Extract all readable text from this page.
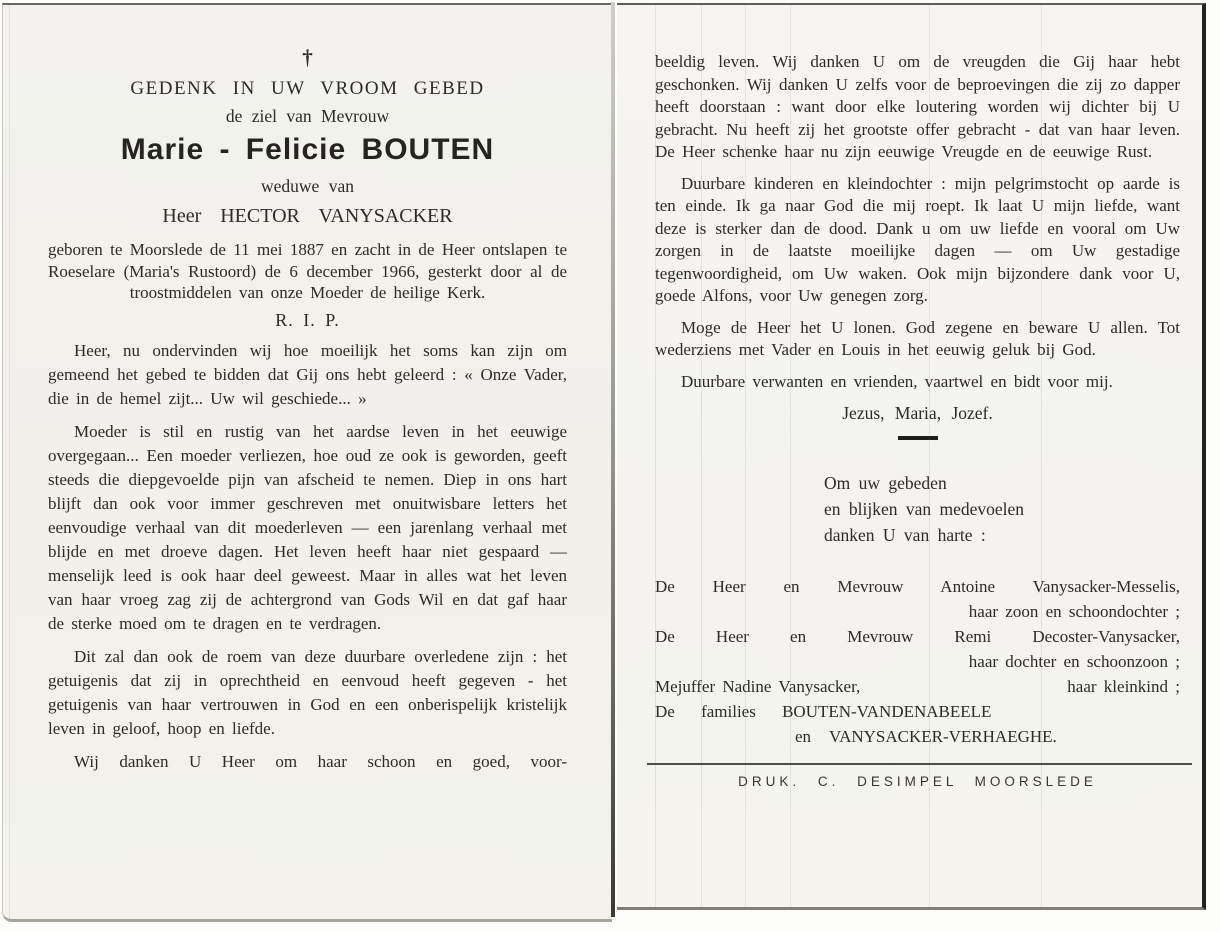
†
GEDENK IN UW VROOM GEBED
de ziel van Mevrouw
Marie - Felicie BOUTEN
weduwe van
Heer HECTOR VANYSACKER

geboren te Moorslede de 11 mei 1887 en zacht in de Heer ontslapen te Roeselare (Maria's Rustoord) de 6 december 1966, gesterkt door al de troostmiddelen van onze Moeder de heilige Kerk.

R. I. P.

Heer, nu ondervinden wij hoe moeilijk het soms kan zijn om gemeend het gebed te bidden dat Gij ons hebt geleerd : « Onze Vader, die in de hemel zijt... Uw wil geschiede... »

Moeder is stil en rustig van het aardse leven in het eeuwige overgegaan... Een moeder verliezen, hoe oud ze ook is geworden, geeft steeds die diepgevoelde pijn van afscheid te nemen. Diep in ons hart blijft dan ook voor immer geschreven met onuitwisbare letters het eenvoudige verhaal van dit moederleven — een jarenlang verhaal met blijde en met droeve dagen. Het leven heeft haar niet gespaard — menselijk leed is ook haar deel geweest. Maar in alles wat het leven van haar vroeg zag zij de achtergrond van Gods Wil en dat gaf haar de sterke moed om te dragen en te verdragen.

Dit zal dan ook de roem van deze duurbare overledene zijn : het getuigenis dat zij in oprechtheid en eenvoud heeft gegeven - het getuigenis van haar vertrouwen in God en een onberispelijk kristelijk leven in geloof, hoop en liefde.

Wij danken U Heer om haar schoon en goed, voor-

beeldig leven. Wij danken U om de vreugden die Gij haar hebt geschonken. Wij danken U zelfs voor de beproevingen die zij zo dapper heeft doorstaan : want door elke loutering worden wij dichter bij U gebracht. Nu heeft zij het grootste offer gebracht - dat van haar leven. De Heer schenke haar nu zijn eeuwige Vreugde en de eeuwige Rust.

Duurbare kinderen en kleindochter : mijn pelgrimstocht op aarde is ten einde. Ik ga naar God die mij roept. Ik laat U mijn liefde, want deze is sterker dan de dood. Dank u om uw liefde en vooral om Uw zorgen in de laatste moeilijke dagen — om Uw gestadige tegenwoordigheid, om Uw waken. Ook mijn bijzondere dank voor U, goede Alfons, voor Uw genegen zorg.

Moge de Heer het U lonen. God zegene en beware U allen. Tot wederziens met Vader en Louis in het eeuwig geluk bij God.

Duurbare verwanten en vrienden, vaartwel en bidt voor mij.

Jezus, Maria, Jozef.
Om uw gebeden
en blijken van medevoelen
danken U van harte :
De Heer en Mevrouw Antoine Vanysacker-Messelis,
haar zoon en schoondochter ;
De Heer en Mevrouw Remi Decoster-Vanysacker,
haar dochter en schoonzoon ;
Mejuffer Nadine Vanysacker,	haar kleinkind ;
De families BOUTEN-VANDENABEELE
en VANYSACKER-VERHAEGHE.
DRUK. C. DESIMPEL MOORSLEDE
